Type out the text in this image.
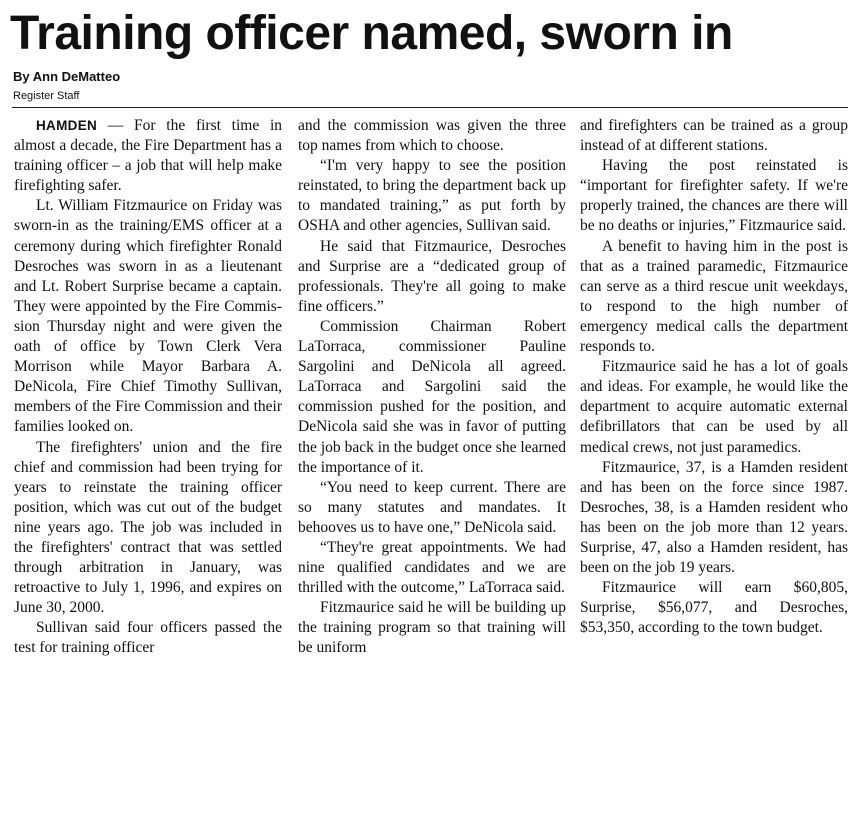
Training officer named, sworn in
By Ann DeMatteo
Register Staff

HAMDEN — For the first time in almost a decade, the Fire Department has a training officer – a job that will help make firefighting safer.

Lt. William Fitzmaurice on Friday was sworn-in as the training/EMS officer at a ceremony during which firefighter Ronald Desroches was sworn in as a lieutenant and Lt. Robert Surprise became a captain. They were appointed by the Fire Commission Thursday night and were given the oath of office by Town Clerk Vera Morrison while Mayor Barbara A. DeNicola, Fire Chief Timothy Sullivan, members of the Fire Commission and their families looked on.

The firefighters' union and the fire chief and commission had been trying for years to reinstate the training officer position, which was cut out of the budget nine years ago. The job was included in the firefighters' contract that was settled through arbitration in January, was retroactive to July 1, 1996, and expires on June 30, 2000.

Sullivan said four officers passed the test for training officer

and the commission was given the three top names from which to choose.

“I'm very happy to see the position reinstated, to bring the department back up to mandated training,” as put forth by OSHA and other agencies, Sullivan said.

He said that Fitzmaurice, Desroches and Surprise are a “dedicated group of professionals. They're all going to make fine officers.”

Commission Chairman Robert LaTorraca, commissioner Pauline Sargolini and DeNicola all agreed. LaTorraca and Sargolini said the commission pushed for the position, and DeNicola said she was in favor of putting the job back in the budget once she learned the importance of it.

“You need to keep current. There are so many statutes and mandates. It behooves us to have one,” DeNicola said.

“They're great appointments. We had nine qualified candidates and we are thrilled with the outcome,” LaTorraca said.

Fitzmaurice said he will be building up the training program so that training will be uniform

and firefighters can be trained as a group instead of at different stations.

Having the post reinstated is “important for firefighter safety. If we're properly trained, the chances are there will be no deaths or injuries,” Fitzmaurice said.

A benefit to having him in the post is that as a trained paramedic, Fitzmaurice can serve as a third rescue unit weekdays, to respond to the high number of emergency medical calls the department responds to.

Fitzmaurice said he has a lot of goals and ideas. For example, he would like the department to acquire automatic external defibrillators that can be used by all medical crews, not just paramedics.

Fitzmaurice, 37, is a Hamden resident and has been on the force since 1987. Desroches, 38, is a Hamden resident who has been on the job more than 12 years. Surprise, 47, also a Hamden resident, has been on the job 19 years.

Fitzmaurice will earn $60,805, Surprise, $56,077, and Desroches, $53,350, according to the town budget.
